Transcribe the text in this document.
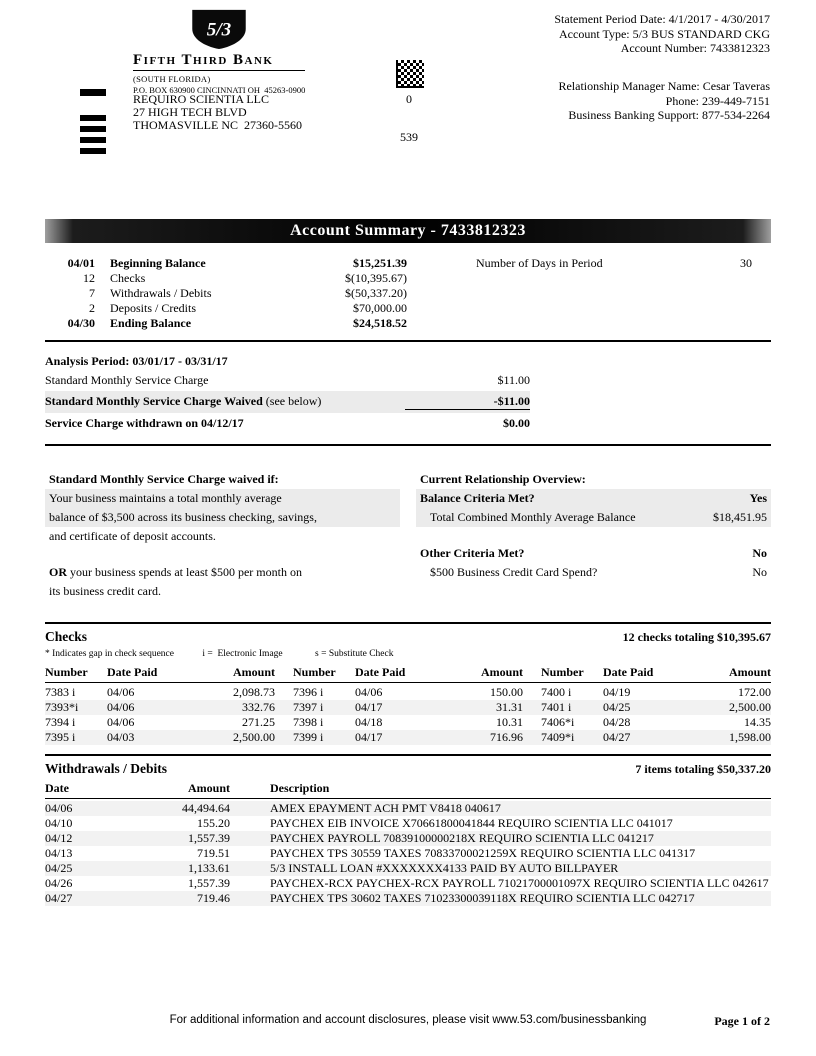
5/3
Fifth Third Bank
(SOUTH FLORIDA)
P.O. BOX 630900 CINCINNATI OH  45263-0900
REQUIRO SCIENTIA LLC
27 HIGH TECH BLVD
THOMASVILLE NC  27360-5560
0
539
Statement Period Date: 4/1/2017 - 4/30/2017
Account Type: 5/3 BUS STANDARD CKG
Account Number: 7433812323
Relationship Manager Name: Cesar Taveras
Phone: 239-449-7151
Business Banking Support: 877-534-2264
Account Summary - 7433812323
04/01	Beginning Balance	$15,251.39	Number of Days in Period	30
12	Checks	$(10,395.67)
7	Withdrawals / Debits	$(50,337.20)
2	Deposits / Credits	$70,000.00
04/30	Ending Balance	$24,518.52
Analysis Period: 03/01/17 - 03/31/17
Standard Monthly Service Charge	$11.00
Standard Monthly Service Charge Waived (see below)	-$11.00
Service Charge withdrawn on 04/12/17	$0.00
Standard Monthly Service Charge waived if:
Your business maintains a total monthly average
balance of $3,500 across its business checking, savings,
and certificate of deposit accounts.
OR your business spends at least $500 per month on
its business credit card.
Current Relationship Overview:
Balance Criteria Met?	Yes
Total Combined Monthly Average Balance	$18,451.95
Other Criteria Met?	No
$500 Business Credit Card Spend?	No
Checks	12 checks totaling $10,395.67
* Indicates gap in check sequence	i =  Electronic Image	s = Substitute Check
Number	Date Paid	Amount Number	Date Paid	Amount Number	Date Paid	Amount
7383 i	04/06	2,098.73 7396 i	04/06	150.00 7400 i	04/19	172.00
7393*i	04/06	332.76 7397 i	04/17	31.31 7401 i	04/25	2,500.00
7394 i	04/06	271.25 7398 i	04/18	10.31 7406*i	04/28	14.35
7395 i	04/03	2,500.00 7399 i	04/17	716.96 7409*i	04/27	1,598.00
Withdrawals / Debits	7 items totaling $50,337.20
Date	Amount	Description
04/06	44,494.64	AMEX EPAYMENT ACH PMT V8418 040617
04/10	155.20	PAYCHEX EIB INVOICE X70661800041844 REQUIRO SCIENTIA LLC 041017
04/12	1,557.39	PAYCHEX PAYROLL 70839100000218X REQUIRO SCIENTIA LLC 041217
04/13	719.51	PAYCHEX TPS 30559 TAXES 70833700021259X REQUIRO SCIENTIA LLC 041317
04/25	1,133.61	5/3 INSTALL LOAN #XXXXXXX4133 PAID BY AUTO BILLPAYER
04/26	1,557.39	PAYCHEX-RCX PAYCHEX-RCX PAYROLL 71021700001097X REQUIRO SCIENTIA LLC 042617
04/27	719.46	PAYCHEX TPS 30602 TAXES 71023300039118X REQUIRO SCIENTIA LLC 042717
For additional information and account disclosures, please visit www.53.com/businessbanking	Page 1 of 2
